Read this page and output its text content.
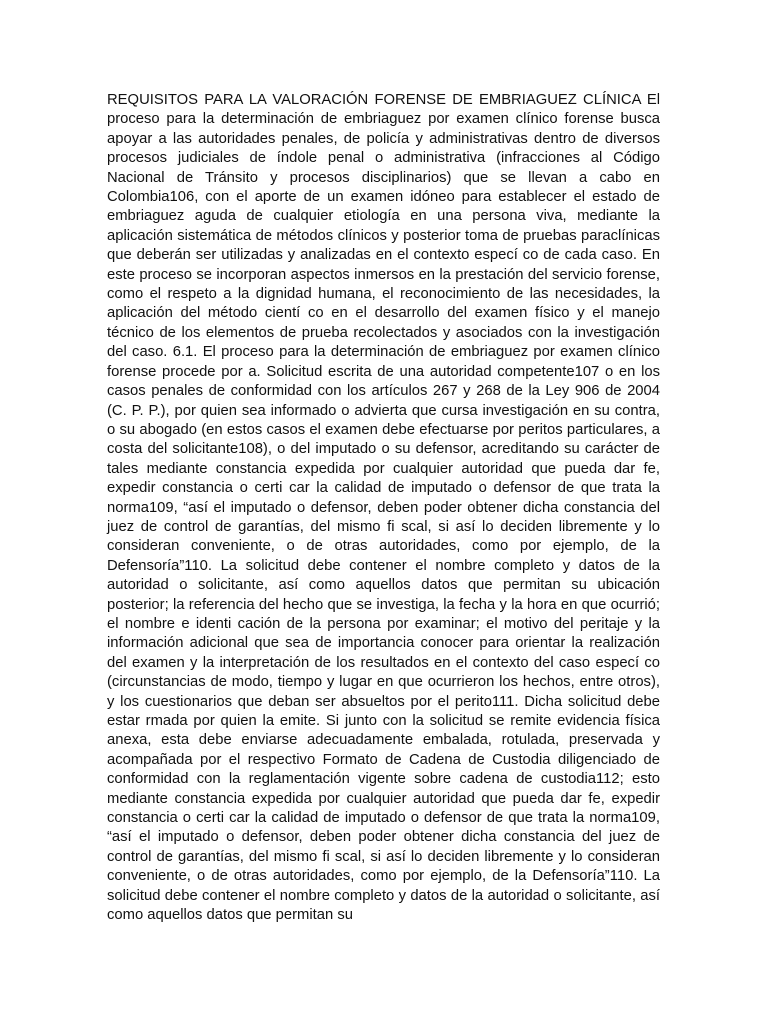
REQUISITOS PARA LA VALORACIÓN FORENSE DE EMBRIAGUEZ CLÍNICA El proceso para la determinación de embriaguez por examen clínico forense busca apoyar a las autoridades penales, de policía y administrativas dentro de diversos procesos judiciales de índole penal o administrativa (infracciones al Código Nacional de Tránsito y procesos disciplinarios) que se llevan a cabo en Colombia106, con el aporte de un examen idóneo para establecer el estado de embriaguez aguda de cualquier etiología en una persona viva, mediante la aplicación sistemática de métodos clínicos y posterior toma de pruebas paraclínicas que deberán ser utilizadas y analizadas en el contexto especí co de cada caso. En este proceso se incorporan aspectos inmersos en la prestación del servicio forense, como el respeto a la dignidad humana, el reconocimiento de las necesidades, la aplicación del método cientí co en el desarrollo del examen físico y el manejo técnico de los elementos de prueba recolectados y asociados con la investigación del caso. 6.1. El proceso para la determinación de embriaguez por examen clínico forense procede por a. Solicitud escrita de una autoridad competente107 o en los casos penales de conformidad con los artículos 267 y 268 de la Ley 906 de 2004 (C. P. P.), por quien sea informado o advierta que cursa investigación en su contra, o su abogado (en estos casos el examen debe efectuarse por peritos particulares, a costa del solicitante108), o del imputado o su defensor, acreditando su carácter de tales mediante constancia expedida por cualquier autoridad que pueda dar fe, expedir constancia o certi car la calidad de imputado o defensor de que trata la norma109, “así el imputado o defensor, deben poder obtener dicha constancia del juez de control de garantías, del mismo fi scal, si así lo deciden libremente y lo consideran conveniente, o de otras autoridades, como por ejemplo, de la Defensoría”110. La solicitud debe contener el nombre completo y datos de la autoridad o solicitante, así como aquellos datos que permitan su ubicación posterior; la referencia del hecho que se investiga, la fecha y la hora en que ocurrió; el nombre e identi cación de la persona por examinar; el motivo del peritaje y la información adicional que sea de importancia conocer para orientar la realización del examen y la interpretación de los resultados en el contexto del caso especí co (circunstancias de modo, tiempo y lugar en que ocurrieron los hechos, entre otros), y los cuestionarios que deban ser absueltos por el perito111. Dicha solicitud debe estar rmada por quien la emite. Si junto con la solicitud se remite evidencia física anexa, esta debe enviarse adecuadamente embalada, rotulada, preservada y acompañada por el respectivo Formato de Cadena de Custodia diligenciado de conformidad con la reglamentación vigente sobre cadena de custodia112; esto mediante constancia expedida por cualquier autoridad que pueda dar fe, expedir constancia o certi car la calidad de imputado o defensor de que trata la norma109, “así el imputado o defensor, deben poder obtener dicha constancia del juez de control de garantías, del mismo fi scal, si así lo deciden libremente y lo consideran conveniente, o de otras autoridades, como por ejemplo, de la Defensoría”110. La solicitud debe contener el nombre completo y datos de la autoridad o solicitante, así como aquellos datos que permitan su
